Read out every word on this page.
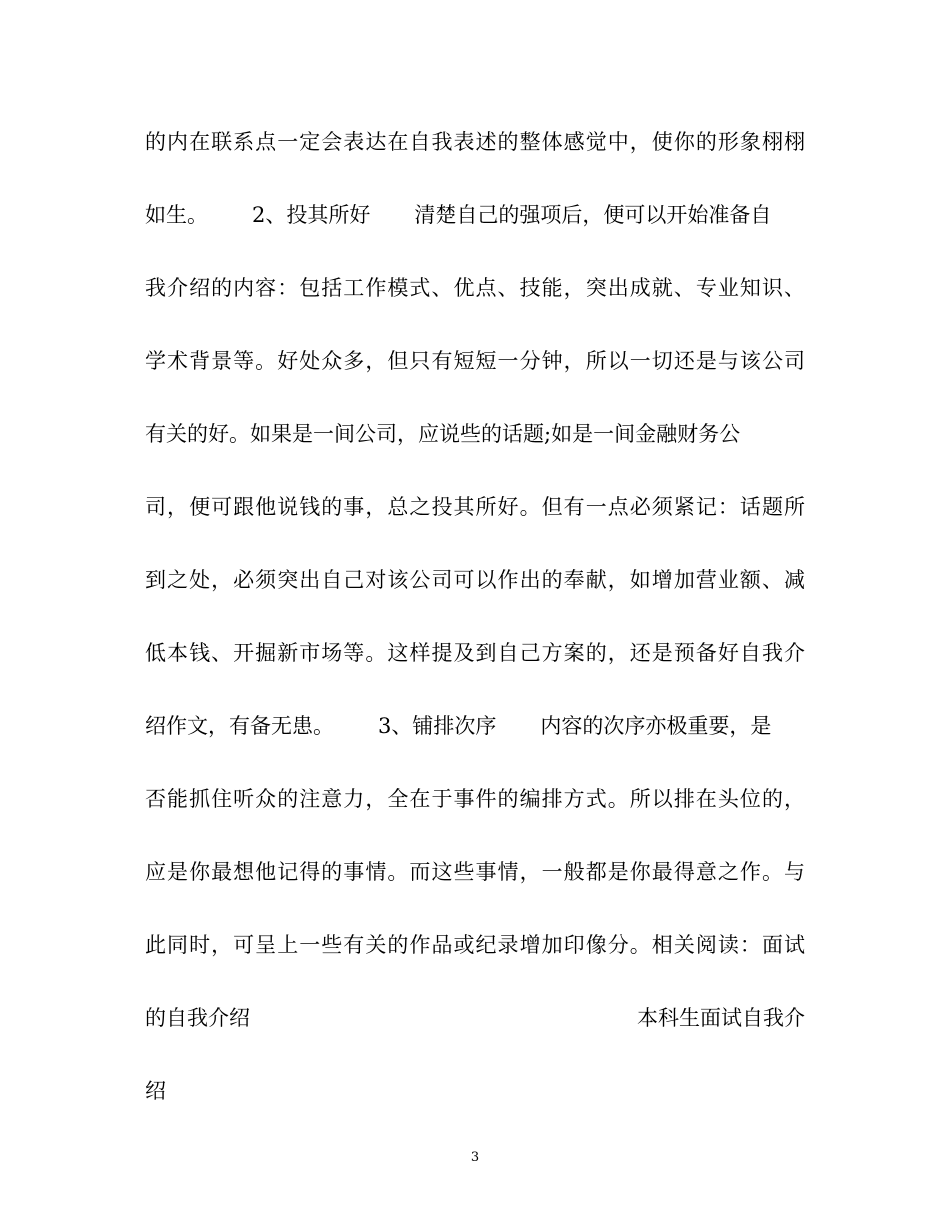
的内在联系点一定会表达在自我表述的整体感觉中，使你的形象栩栩
如生。 2、投其所好 清楚自己的强项后，便可以开始准备自
我介绍的内容：包括工作模式、优点、技能，突出成就、专业知识、
学术背景等。好处众多，但只有短短一分钟，所以一切还是与该公司
有关的好。如果是一间公司，应说些的话题;如是一间金融财务公
司，便可跟他说钱的事，总之投其所好。但有一点必须紧记：话题所
到之处，必须突出自己对该公司可以作出的奉献，如增加营业额、减
低本钱、开掘新市场等。这样提及到自己方案的，还是预备好自我介
绍作文，有备无患。 3、铺排次序 内容的次序亦极重要，是
否能抓住听众的注意力，全在于事件的编排方式。所以排在头位的，
应是你最想他记得的事情。而这些事情，一般都是你最得意之作。与
此同时，可呈上一些有关的作品或纪录增加印像分。相关阅读：面试
的自我介绍	本科生面试自我介
绍
3
